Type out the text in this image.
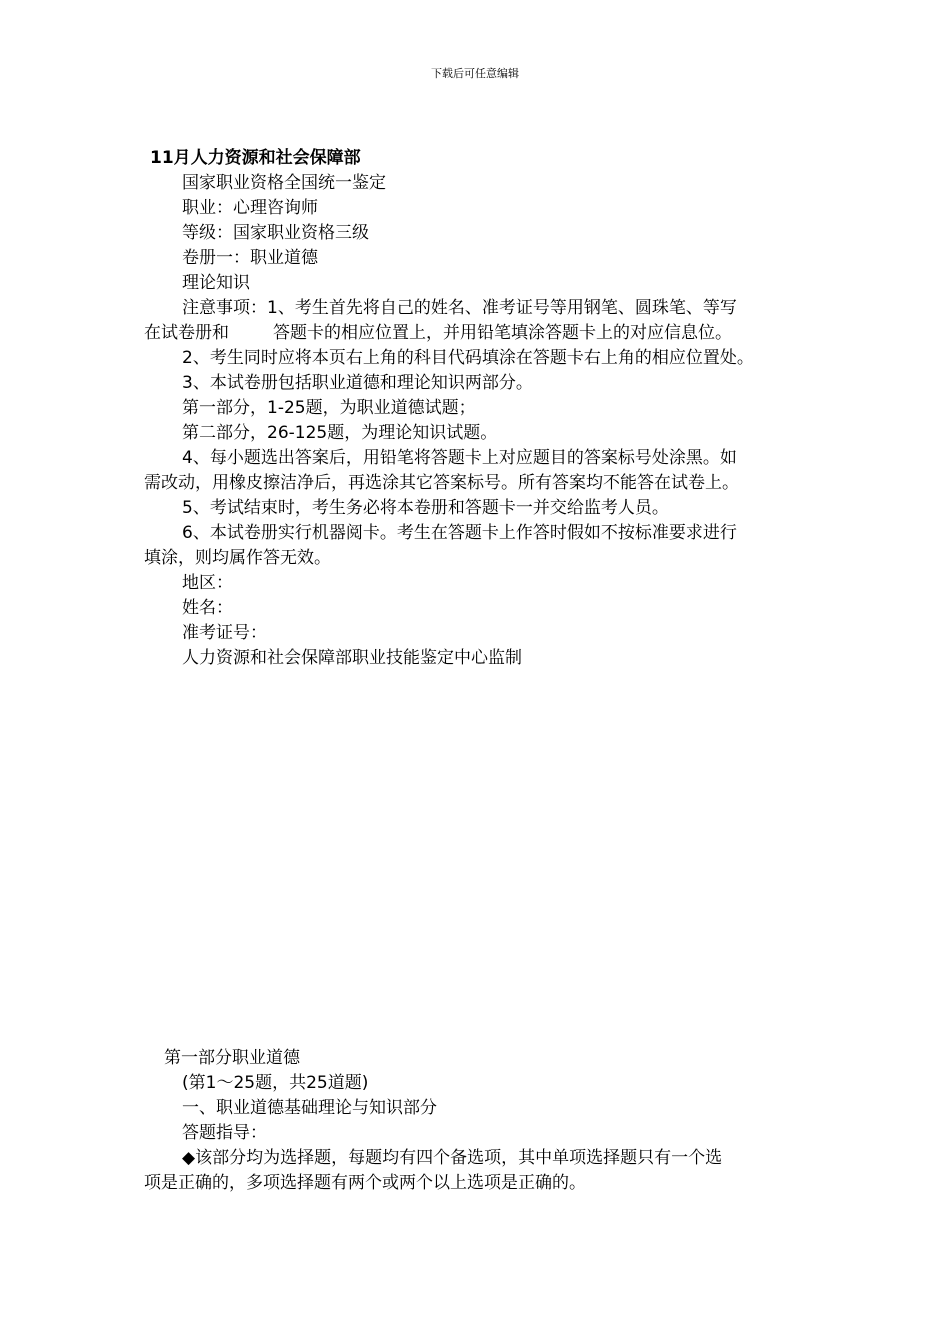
下载后可任意编辑
11月人力资源和社会保障部
国家职业资格全国统一鉴定
职业：心理咨询师
等级：国家职业资格三级
卷册一：职业道德
理论知识
注意事项：1、考生首先将自己的姓名、准考证号等用钢笔、圆珠笔、等写
在试卷册和	答题卡的相应位置上，并用铅笔填涂答题卡上的对应信息位。
2、考生同时应将本页右上角的科目代码填涂在答题卡右上角的相应位置处。
3、本试卷册包括职业道德和理论知识两部分。
第一部分，1-25题，为职业道德试题；
第二部分，26-125题，为理论知识试题。
4、每小题选出答案后，用铅笔将答题卡上对应题目的答案标号处涂黑。如
需改动，用橡皮擦洁净后，再选涂其它答案标号。所有答案均不能答在试卷上。
5、考试结束时，考生务必将本卷册和答题卡一并交给监考人员。
6、本试卷册实行机器阅卡。考生在答题卡上作答时假如不按标准要求进行
填涂，则均属作答无效。
地区：
姓名：
准考证号：
人力资源和社会保障部职业技能鉴定中心监制
第一部分职业道德
(第1～25题，共25道题)
一、职业道德基础理论与知识部分
答题指导：
◆该部分均为选择题，每题均有四个备选项，其中单项选择题只有一个选
项是正确的，多项选择题有两个或两个以上选项是正确的。
